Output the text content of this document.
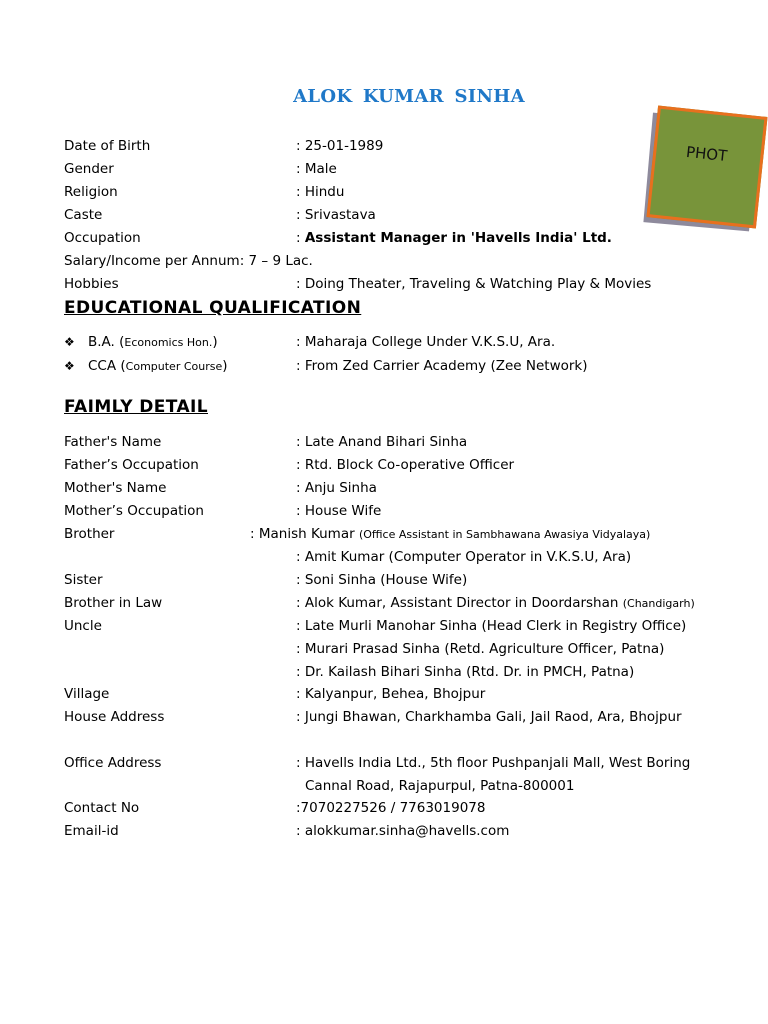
ALOK KUMAR SINHA
PHOT
Date of Birth	: 25-01-1989
Gender	: Male
Religion	: Hindu
Caste	: Srivastava
Occupation	: Assistant Manager in 'Havells India' Ltd.
Salary/Income per Annum: 7 – 9 Lac.
Hobbies	: Doing Theater, Traveling & Watching Play & Movies
EDUCATIONAL QUALIFICATION
❖ B.A. (Economics Hon.)	: Maharaja College Under V.K.S.U, Ara.
❖ CCA (Computer Course)	: From Zed Carrier Academy (Zee Network)
FAIMLY DETAIL
Father's Name	: Late Anand Bihari Sinha
Father’s Occupation	: Rtd. Block Co-operative Officer
Mother's Name	: Anju Sinha
Mother’s Occupation	: House Wife
Brother	: Manish Kumar (Office Assistant in Sambhawana Awasiya Vidyalaya)
: Amit Kumar (Computer Operator in V.K.S.U, Ara)
Sister	: Soni Sinha (House Wife)
Brother in Law	: Alok Kumar, Assistant Director in Doordarshan (Chandigarh)
Uncle	: Late Murli Manohar Sinha (Head Clerk in Registry Office)
: Murari Prasad Sinha (Retd. Agriculture Officer, Patna)
: Dr. Kailash Bihari Sinha (Rtd. Dr. in PMCH, Patna)
Village	: Kalyanpur, Behea, Bhojpur
House Address	: Jungi Bhawan, Charkhamba Gali, Jail Raod, Ara, Bhojpur
Office Address	: Havells India Ltd., 5th floor Pushpanjali Mall, West Boring
Cannal Road, Rajapurpul, Patna-800001
Contact No	:7070227526 / 7763019078
Email-id	: alokkumar.sinha@havells.com
